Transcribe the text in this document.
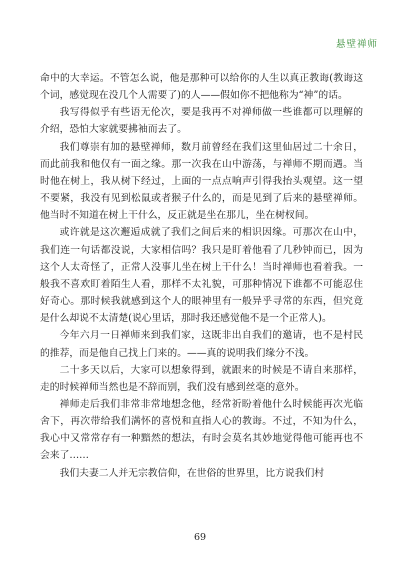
悬壁禅师

命中的大幸运。不管怎么说，他是那种可以给你的人生以真正教诲(教诲这个词，感觉现在没几个人需要了)的人——假如你不把他称为“神”的话。

我写得似乎有些语无伦次，要是我再不对禅师做一些谁都可以理解的介绍，恐怕大家就要拂袖而去了。

我们尊崇有加的悬壁禅师，数月前曾经在我们这里仙居过二十余日，而此前我和他仅有一面之缘。那一次我在山中游荡，与禅师不期而遇。当时他在树上，我从树下经过，上面的一点点响声引得我抬头观望。这一望不要紧，我没有见到松鼠或者猴子什么的，而是见到了后来的悬壁禅师。他当时不知道在树上干什么，反正就是坐在那儿，坐在树杈间。

或许就是这次邂逅成就了我们之间后来的相识因缘。可那次在山中，我们连一句话都没说，大家相信吗？我只是盯着他看了几秒钟而已，因为这个人太奇怪了，正常人没事儿坐在树上干什么！当时禅师也看着我。一般我不喜欢盯着陌生人看，那样不太礼貌，可那种情况下谁都不可能忍住好奇心。那时候我就感到这个人的眼神里有一般异乎寻常的东西，但究竟是什么却说不太清楚(说心里话，那时我还感觉他不是一个正常人)。

今年六月一日禅师来到我们家，这既非出自我们的邀请，也不是村民的推荐，而是他自己找上门来的。——真的说明我们缘分不浅。

二十多天以后，大家可以想象得到，就跟来的时候是不请自来那样，走的时候禅师当然也是不辞而别，我们没有感到丝毫的意外。

禅师走后我们非常非常地想念他，经常祈盼着他什么时候能再次光临舍下，再次带给我们满怀的喜悦和直指人心的教诲。不过，不知为什么，我心中又常常存有一种黯然的想法，有时会莫名其妙地觉得他可能再也不会来了……

我们夫妻二人并无宗教信仰，在世俗的世界里，比方说我们村

69
